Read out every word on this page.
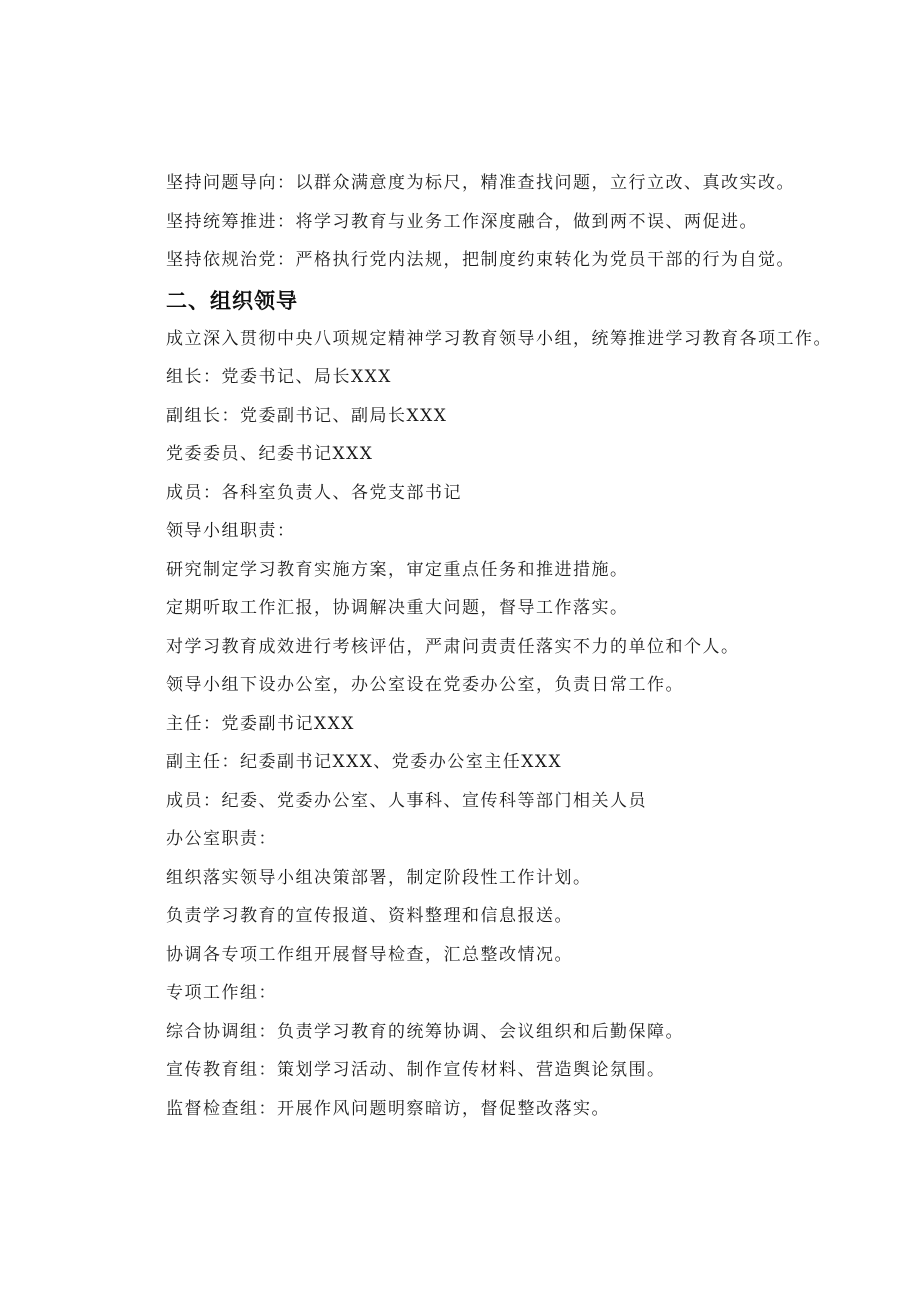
坚持问题导向：以群众满意度为标尺，精准查找问题，立行立改、真改实改。
坚持统筹推进：将学习教育与业务工作深度融合，做到两不误、两促进。
坚持依规治党：严格执行党内法规，把制度约束转化为党员干部的行为自觉。
二、组织领导
成立深入贯彻中央八项规定精神学习教育领导小组，统筹推进学习教育各项工作。
组长：党委书记、局长XXX
副组长：党委副书记、副局长XXX
党委委员、纪委书记XXX
成员：各科室负责人、各党支部书记
领导小组职责：
研究制定学习教育实施方案，审定重点任务和推进措施。
定期听取工作汇报，协调解决重大问题，督导工作落实。
对学习教育成效进行考核评估，严肃问责责任落实不力的单位和个人。
领导小组下设办公室，办公室设在党委办公室，负责日常工作。
主任：党委副书记XXX
副主任：纪委副书记XXX、党委办公室主任XXX
成员：纪委、党委办公室、人事科、宣传科等部门相关人员
办公室职责：
组织落实领导小组决策部署，制定阶段性工作计划。
负责学习教育的宣传报道、资料整理和信息报送。
协调各专项工作组开展督导检查，汇总整改情况。
专项工作组：
综合协调组：负责学习教育的统筹协调、会议组织和后勤保障。
宣传教育组：策划学习活动、制作宣传材料、营造舆论氛围。
监督检查组：开展作风问题明察暗访，督促整改落实。
